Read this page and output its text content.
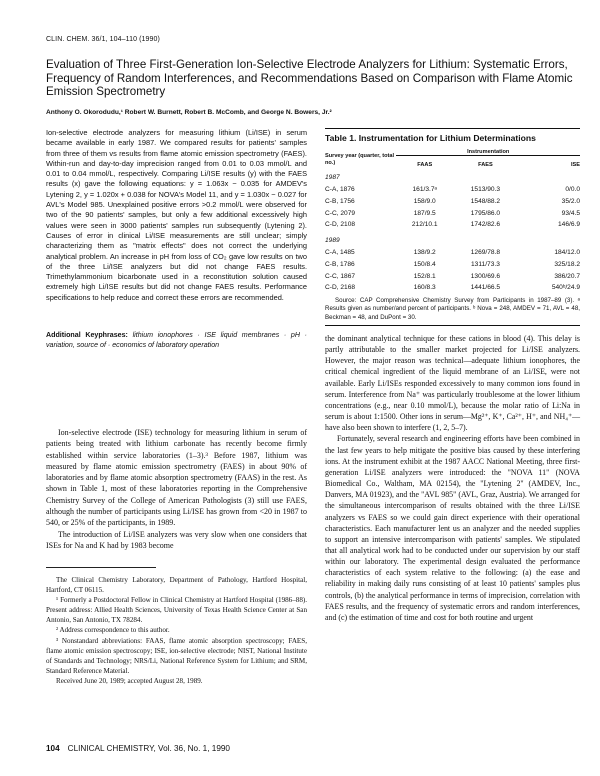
CLIN. CHEM. 36/1, 104–110 (1990)
Evaluation of Three First-Generation Ion-Selective Electrode Analyzers for Lithium: Systematic Errors, Frequency of Random Interferences, and Recommendations Based on Comparison with Flame Atomic Emission Spectrometry
Anthony O. Okorodudu,¹ Robert W. Burnett, Robert B. McComb, and George N. Bowers, Jr.²
Ion-selective electrode analyzers for measuring lithium (Li/ISE) in serum became available in early 1987. We compared results for patients' samples from three of them vs results from flame atomic emission spectrometry (FAES). Within-run and day-to-day imprecision ranged from 0.01 to 0.03 mmol/L and 0.01 to 0.04 mmol/L, respectively. Comparing Li/ISE results (y) with the FAES results (x) gave the following equations: y = 1.063x − 0.035 for AMDEV's Lytening 2, y = 1.020x + 0.038 for NOVA's Model 11, and y = 1.030x − 0.027 for AVL's Model 985. Unexplained positive errors >0.2 mmol/L were observed for two of the 90 patients' samples, but only a few additional excessively high values were seen in 3000 patients' samples run subsequently (Lytening 2). Causes of error in clinical Li/ISE measurements are still unclear; simply characterizing them as "matrix effects" does not correct the underlying analytical problem. An increase in pH from loss of CO₂ gave low results on two of the three Li/ISE analyzers but did not change FAES results. Trimethylammonium bicarbonate used in a reconstitution solution caused extremely high Li/ISE results but did not change FAES results. Performance specifications to help reduce and correct these errors are recommended.
Additional Keyphrases: lithium ionophores · ISE liquid membranes · pH · variation, source of · economics of laboratory operation

Ion-selective electrode (ISE) technology for measuring lithium in serum of patients being treated with lithium carbonate has recently become firmly established within service laboratories (1–3).³ Before 1987, lithium was measured by flame atomic emission spectrometry (FAES) in about 90% of laboratories and by flame atomic absorption spectrometry (FAAS) in the rest. As shown in Table 1, most of these laboratories reporting in the Comprehensive Chemistry Survey of the College of American Pathologists (3) still use FAES, although the number of participants using Li/ISE has grown from <20 in 1987 to 540, or 25% of the participants, in 1989.

The introduction of Li/ISE analyzers was very slow when one considers that ISEs for Na and K had by 1983 become

The Clinical Chemistry Laboratory, Department of Pathology, Hartford Hospital, Hartford, CT 06115.

¹ Formerly a Postdoctoral Fellow in Clinical Chemistry at Hartford Hospital (1986–88). Present address: Allied Health Sciences, University of Texas Health Science Center at San Antonio, San Antonio, TX 78284.

² Address correspondence to this author.

³ Nonstandard abbreviations: FAAS, flame atomic absorption spectroscopy; FAES, flame atomic emission spectroscopy; ISE, ion-selective electrode; NIST, National Institute of Standards and Technology; NRS/Li, National Reference System for Lithium; and SRM, Standard Reference Material.

Received June 20, 1989; accepted August 28, 1989.

104 CLINICAL CHEMISTRY, Vol. 36, No. 1, 1990
Table 1. Instrumentation for Lithium Determinations
Survey year (quarter, total no.)	Instrumentation		
	FAAS	FAES	ISE
1987			
C-A, 1876	161/3.7ᵃ	1513/90.3	0/0.0
C-B, 1756	158/9.0	1548/88.2	35/2.0
C-C, 2079	187/9.5	1795/86.0	93/4.5
C-D, 2108	212/10.1	1742/82.6	146/6.9
1989			
C-A, 1485	138/9.2	1269/78.8	184/12.0
C-B, 1786	150/8.4	1311/73.3	325/18.2
C-C, 1867	152/8.1	1300/69.6	386/20.7
C-D, 2168	160/8.3	1441/66.5	540ᵇ/24.9
Source: CAP Comprehensive Chemistry Survey from Participants in 1987–89 (3). ᵃ Results given as number/and percent of participants. ᵇ Nova = 248, AMDEV = 71, AVL = 48, Beckman = 48, and DuPont = 30.

the dominant analytical technique for these cations in blood (4). This delay is partly attributable to the smaller market projected for Li/ISE analyzers. However, the major reason was technical—adequate lithium ionophores, the critical chemical ingredient of the liquid membrane of an Li/ISE, were not available. Early Li/ISEs responded excessively to many common ions found in serum. Interference from Na⁺ was particularly troublesome at the lower lithium concentrations (e.g., near 0.10 mmol/L), because the molar ratio of Li:Na in serum is about 1:1500. Other ions in serum—Mg²⁺, K⁺, Ca²⁺, H⁺, and NH₄⁺—have also been shown to interfere (1, 2, 5–7).

Fortunately, several research and engineering efforts have been combined in the last few years to help mitigate the positive bias caused by these interfering ions. At the instrument exhibit at the 1987 AACC National Meeting, three first-generation Li/ISE analyzers were introduced: the "NOVA 11" (NOVA Biomedical Co., Waltham, MA 02154), the "Lytening 2" (AMDEV, Inc., Danvers, MA 01923), and the "AVL 985" (AVL, Graz, Austria). We arranged for the simultaneous intercomparison of results obtained with the three Li/ISE analyzers vs FAES so we could gain direct experience with their operational characteristics. Each manufacturer lent us an analyzer and the needed supplies to support an intensive intercomparison with patients' samples. We stipulated that all analytical work had to be conducted under our supervision by our staff within our laboratory. The experimental design evaluated the performance characteristics of each system relative to the following: (a) the ease and reliability in making daily runs consisting of at least 10 patients' samples plus controls, (b) the analytical performance in terms of imprecision, correlation with FAES results, and the frequency of systematic errors and random interferences, and (c) the estimation of time and cost for both routine and urgent
